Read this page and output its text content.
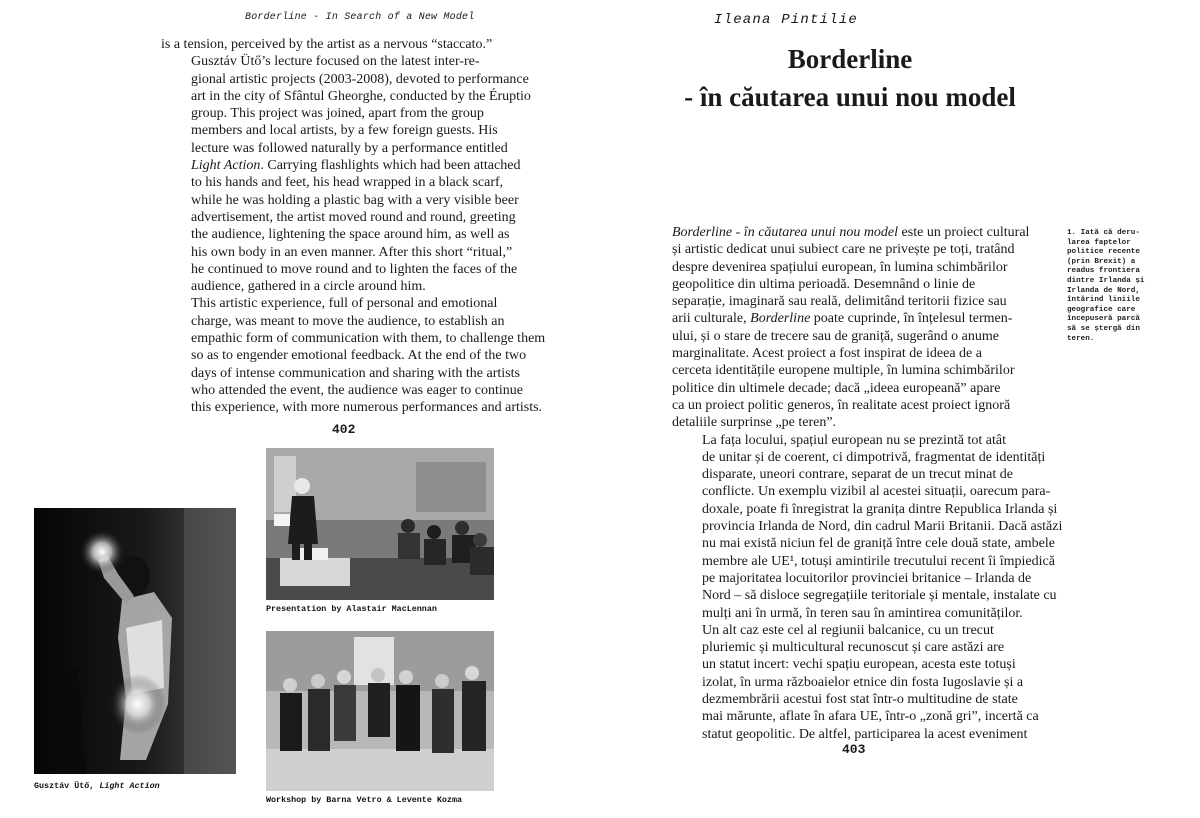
Borderline - In Search of a New Model

is a tension, perceived by the artist as a nervous “staccato.”

Gusztáv Ütő’s lecture focused on the latest inter-re-
gional artistic projects (2003-2008), devoted to performance
art in the city of Sfântul Gheorghe, conducted by the Éruptio
group. This project was joined, apart from the group
members and local artists, by a few foreign guests. His
lecture was followed naturally by a performance entitled
Light Action. Carrying flashlights which had been attached
to his hands and feet, his head wrapped in a black scarf,
while he was holding a plastic bag with a very visible beer
advertisement, the artist moved round and round, greeting
the audience, lightening the space around him, as well as
his own body in an even manner. After this short “ritual,”
he continued to move round and to lighten the faces of the
audience, gathered in a circle around him.

This artistic experience, full of personal and emotional
charge, was meant to move the audience, to establish an
empathic form of communication with them, to challenge them
so as to engender emotional feedback. At the end of the two
days of intense communication and sharing with the artists
who attended the event, the audience was eager to continue
this experience, with more numerous performances and artists.

402
Gusztáv Ütő, Light Action
Presentation by Alastair MacLennan
Workshop by Barna Vetro & Levente Kozma
Ileana Pintilie
Borderline
- în căutarea unui nou model

Borderline - în căutarea unui nou model este un proiect cultural
și artistic dedicat unui subiect care ne privește pe toți, tratând
despre devenirea spațiului european, în lumina schimbărilor
geopolitice din ultima perioadă. Desemnând o linie de
separație, imaginară sau reală, delimitând teritorii fizice sau
arii culturale, Borderline poate cuprinde, în înțelesul termen-
ului, și o stare de trecere sau de graniță, sugerând o anume
marginalitate. Acest proiect a fost inspirat de ideea de a
cerceta identitățile europene multiple, în lumina schimbărilor
politice din ultimele decade; dacă „ideea europeană” apare
ca un proiect politic generos, în realitate acest proiect ignoră
detaliile surprinse „pe teren”.

La fața locului, spațiul european nu se prezintă tot atât
de unitar și de coerent, ci dimpotrivă, fragmentat de identități
disparate, uneori contrare, separat de un trecut minat de
conflicte. Un exemplu vizibil al acestei situații, oarecum para-
doxale, poate fi înregistrat la granița dintre Republica Irlanda și
provincia Irlanda de Nord, din cadrul Marii Britanii. Dacă astăzi
nu mai există niciun fel de graniță între cele două state, ambele
membre ale UE¹, totuși amintirile trecutului recent îi împiedică
pe majoritatea locuitorilor provinciei britanice – Irlanda de
Nord – să disloce segregațiile teritoriale și mentale, instalate cu
mulți ani în urmă, în teren sau în amintirea comunităților.

Un alt caz este cel al regiunii balcanice, cu un trecut
pluriemic și multicultural recunoscut și care astăzi are
un statut incert: vechi spațiu european, acesta este totuși
izolat, în urma războaielor etnice din fosta Iugoslavie și a
dezmembrării acestui fost stat într-o multitudine de state
mai mărunte, aflate în afara UE, într-o „zonă gri”, incertă ca
statut geopolitic. De altfel, participarea la acest eveniment

1. Iată că deru-
larea faptelor
politice recente
(prin Brexit) a
readus frontiera
dintre Irlanda și
Irlanda de Nord,
întărind liniile
geografice care
începuseră parcă
să se ștergă din
teren.
403
